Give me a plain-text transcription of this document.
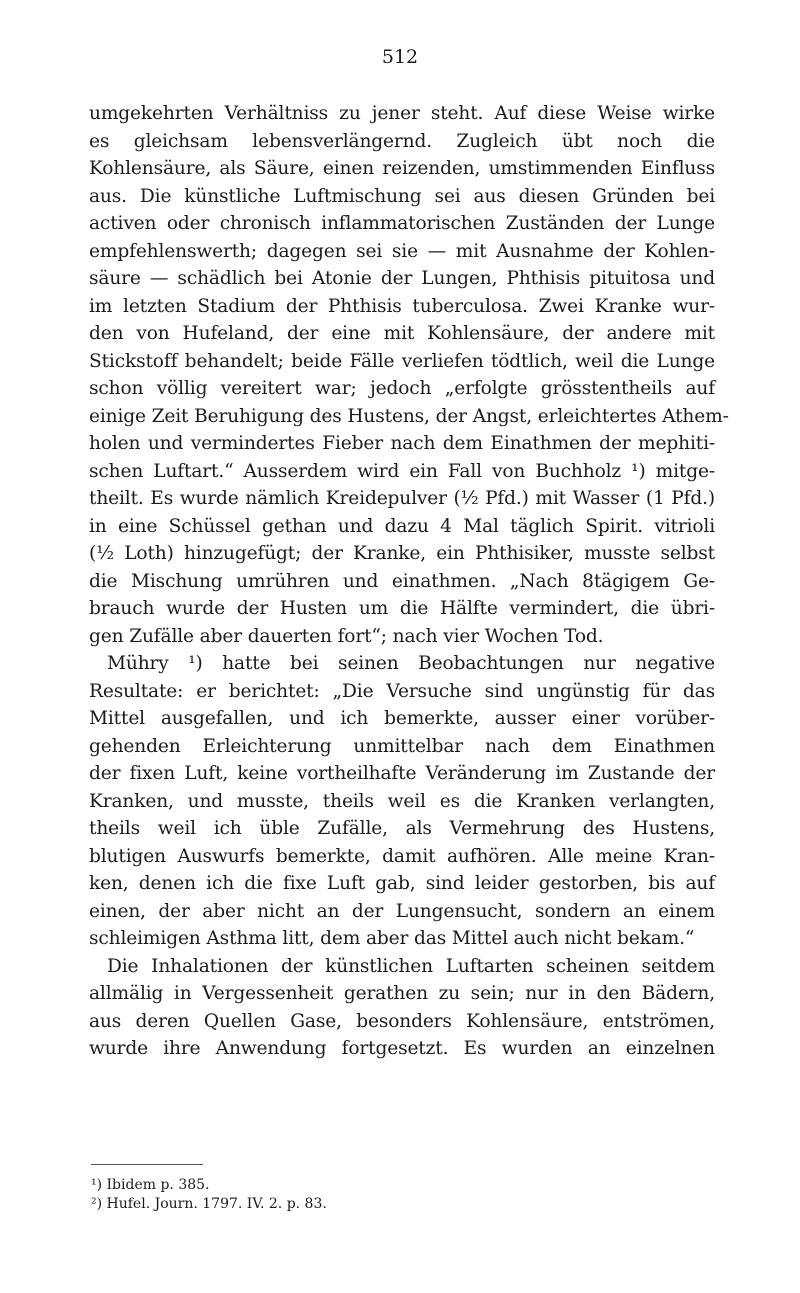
512
umgekehrten Verhältniss zu jener steht. Auf diese Weise wirke
es gleichsam lebensverlängernd. Zugleich übt noch die
Kohlensäure, als Säure, einen reizenden, umstimmenden Einfluss
aus. Die künstliche Luftmischung sei aus diesen Gründen bei
activen oder chronisch inflammatorischen Zuständen der Lunge
empfehlenswerth; dagegen sei sie — mit Ausnahme der Kohlen-
säure — schädlich bei Atonie der Lungen, Phthisis pituitosa und
im letzten Stadium der Phthisis tuberculosa. Zwei Kranke wur-
den von Hufeland, der eine mit Kohlensäure, der andere mit
Stickstoff behandelt; beide Fälle verliefen tödtlich, weil die Lunge
schon völlig vereitert war; jedoch „erfolgte grösstentheils auf
einige Zeit Beruhigung des Hustens, der Angst, erleichtertes Athem-
holen und vermindertes Fieber nach dem Einathmen der mephiti-
schen Luftart.“ Ausserdem wird ein Fall von Buchholz ¹) mitge-
theilt. Es wurde nämlich Kreidepulver (½ Pfd.) mit Wasser (1 Pfd.)
in eine Schüssel gethan und dazu 4 Mal täglich Spirit. vitrioli
(½ Loth) hinzugefügt; der Kranke, ein Phthisiker, musste selbst
die Mischung umrühren und einathmen. „Nach 8tägigem Ge-
brauch wurde der Husten um die Hälfte vermindert, die übri-
gen Zufälle aber dauerten fort“; nach vier Wochen Tod.
Mühry ¹) hatte bei seinen Beobachtungen nur negative
Resultate: er berichtet: „Die Versuche sind ungünstig für das
Mittel ausgefallen, und ich bemerkte, ausser einer vorüber-
gehenden Erleichterung unmittelbar nach dem Einathmen
der fixen Luft, keine vortheilhafte Veränderung im Zustande der
Kranken, und musste, theils weil es die Kranken verlangten,
theils weil ich üble Zufälle, als Vermehrung des Hustens,
blutigen Auswurfs bemerkte, damit aufhören. Alle meine Kran-
ken, denen ich die fixe Luft gab, sind leider gestorben, bis auf
einen, der aber nicht an der Lungensucht, sondern an einem
schleimigen Asthma litt, dem aber das Mittel auch nicht bekam.“
Die Inhalationen der künstlichen Luftarten scheinen seitdem
allmälig in Vergessenheit gerathen zu sein; nur in den Bädern,
aus deren Quellen Gase, besonders Kohlensäure, entströmen,
wurde ihre Anwendung fortgesetzt. Es wurden an einzelnen
¹) Ibidem p. 385.
²) Hufel. Journ. 1797. IV. 2. p. 83.
